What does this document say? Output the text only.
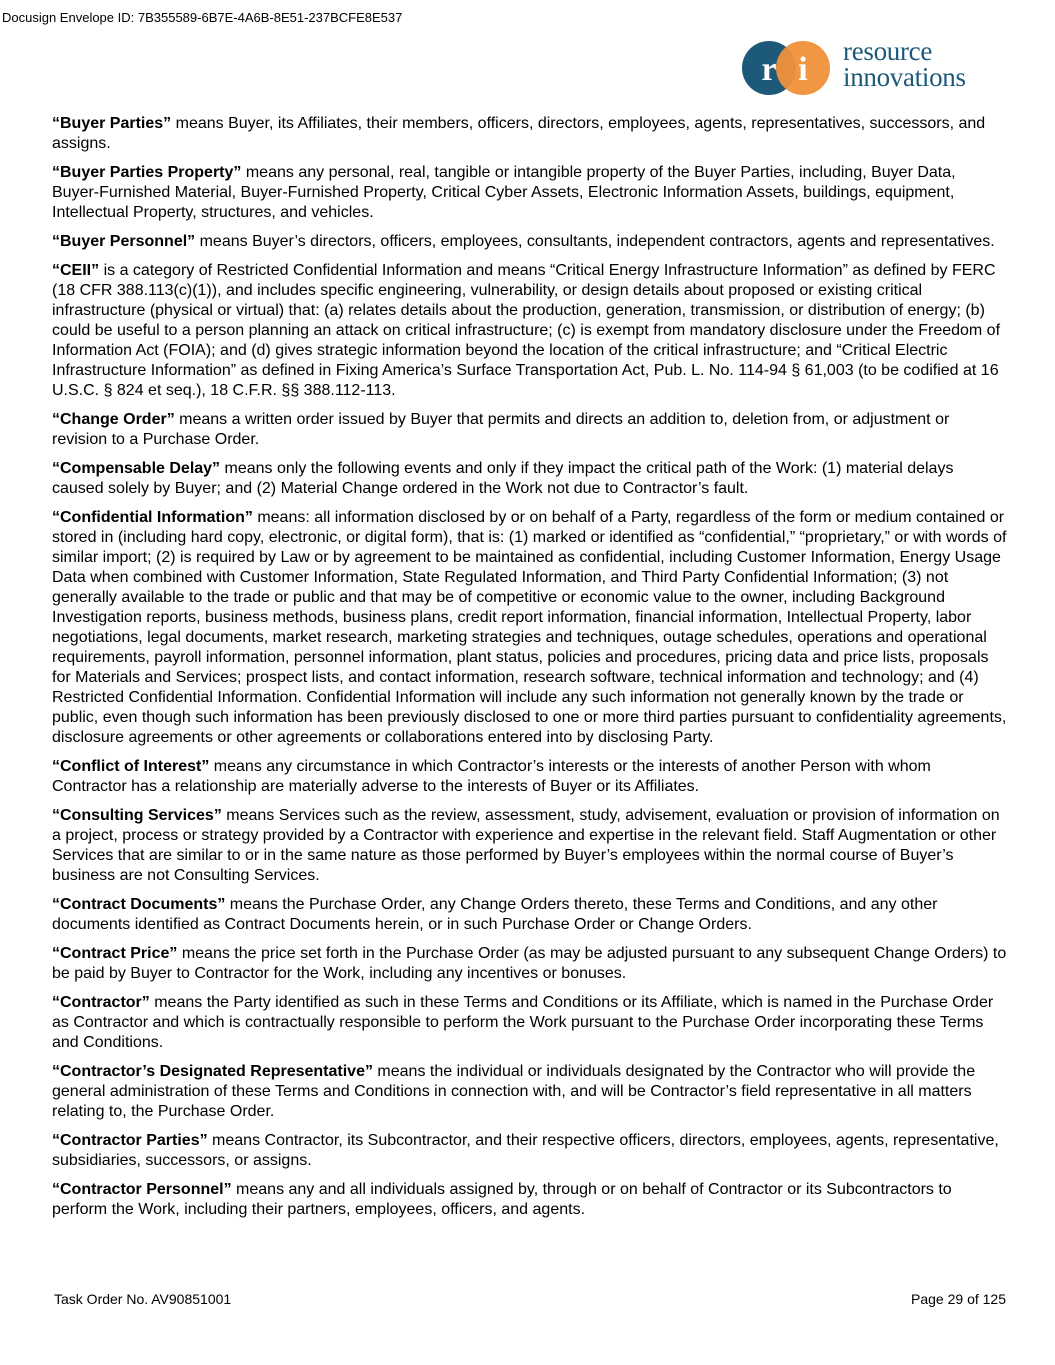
Docusign Envelope ID: 7B355589-6B7E-4A6B-8E51-237BCFE8E537
r i resource
innovations

“Buyer Parties” means Buyer, its Affiliates, their members, officers, directors, employees, agents, representatives, successors, and assigns.

“Buyer Parties Property” means any personal, real, tangible or intangible property of the Buyer Parties, including, Buyer Data, Buyer-Furnished Material, Buyer-Furnished Property, Critical Cyber Assets, Electronic Information Assets, buildings, equipment, Intellectual Property, structures, and vehicles.

“Buyer Personnel” means Buyer’s directors, officers, employees, consultants, independent contractors, agents and representatives.

“CEII” is a category of Restricted Confidential Information and means “Critical Energy Infrastructure Information” as defined by FERC (18 CFR 388.113(c)(1)), and includes specific engineering, vulnerability, or design details about proposed or existing critical infrastructure (physical or virtual) that: (a) relates details about the production, generation, transmission, or distribution of energy; (b) could be useful to a person planning an attack on critical infrastructure; (c) is exempt from mandatory disclosure under the Freedom of Information Act (FOIA); and (d) gives strategic information beyond the location of the critical infrastructure; and “Critical Electric Infrastructure Information” as defined in Fixing America’s Surface Transportation Act, Pub. L. No. 114-94 § 61,003 (to be codified at 16 U.S.C. § 824 et seq.), 18 C.F.R. §§ 388.112-113.

“Change Order” means a written order issued by Buyer that permits and directs an addition to, deletion from, or adjustment or revision to a Purchase Order.

“Compensable Delay” means only the following events and only if they impact the critical path of the Work: (1) material delays caused solely by Buyer; and (2) Material Change ordered in the Work not due to Contractor’s fault.

“Confidential Information” means: all information disclosed by or on behalf of a Party, regardless of the form or medium contained or stored in (including hard copy, electronic, or digital form), that is: (1) marked or identified as “confidential,” “proprietary,” or with words of similar import; (2) is required by Law or by agreement to be maintained as confidential, including Customer Information, Energy Usage Data when combined with Customer Information, State Regulated Information, and Third Party Confidential Information; (3) not generally available to the trade or public and that may be of competitive or economic value to the owner, including Background Investigation reports, business methods, business plans, credit report information, financial information, Intellectual Property, labor negotiations, legal documents, market research, marketing strategies and techniques, outage schedules, operations and operational requirements, payroll information, personnel information, plant status, policies and procedures, pricing data and price lists, proposals for Materials and Services; prospect lists, and contact information, research software, technical information and technology; and (4) Restricted Confidential Information. Confidential Information will include any such information not generally known by the trade or public, even though such information has been previously disclosed to one or more third parties pursuant to confidentiality agreements, disclosure agreements or other agreements or collaborations entered into by disclosing Party.

“Conflict of Interest” means any circumstance in which Contractor’s interests or the interests of another Person with whom Contractor has a relationship are materially adverse to the interests of Buyer or its Affiliates.

“Consulting Services” means Services such as the review, assessment, study, advisement, evaluation or provision of information on a project, process or strategy provided by a Contractor with experience and expertise in the relevant field. Staff Augmentation or other Services that are similar to or in the same nature as those performed by Buyer’s employees within the normal course of Buyer’s business are not Consulting Services.

“Contract Documents” means the Purchase Order, any Change Orders thereto, these Terms and Conditions, and any other documents identified as Contract Documents herein, or in such Purchase Order or Change Orders.

“Contract Price” means the price set forth in the Purchase Order (as may be adjusted pursuant to any subsequent Change Orders) to be paid by Buyer to Contractor for the Work, including any incentives or bonuses.

“Contractor” means the Party identified as such in these Terms and Conditions or its Affiliate, which is named in the Purchase Order as Contractor and which is contractually responsible to perform the Work pursuant to the Purchase Order incorporating these Terms and Conditions.

“Contractor’s Designated Representative” means the individual or individuals designated by the Contractor who will provide the general administration of these Terms and Conditions in connection with, and will be Contractor’s field representative in all matters relating to, the Purchase Order.

“Contractor Parties” means Contractor, its Subcontractor, and their respective officers, directors, employees, agents, representative, subsidiaries, successors, or assigns.

“Contractor Personnel” means any and all individuals assigned by, through or on behalf of Contractor or its Subcontractors to perform the Work, including their partners, employees, officers, and agents.

Task Order No. AV90851001	Page 29 of 125
